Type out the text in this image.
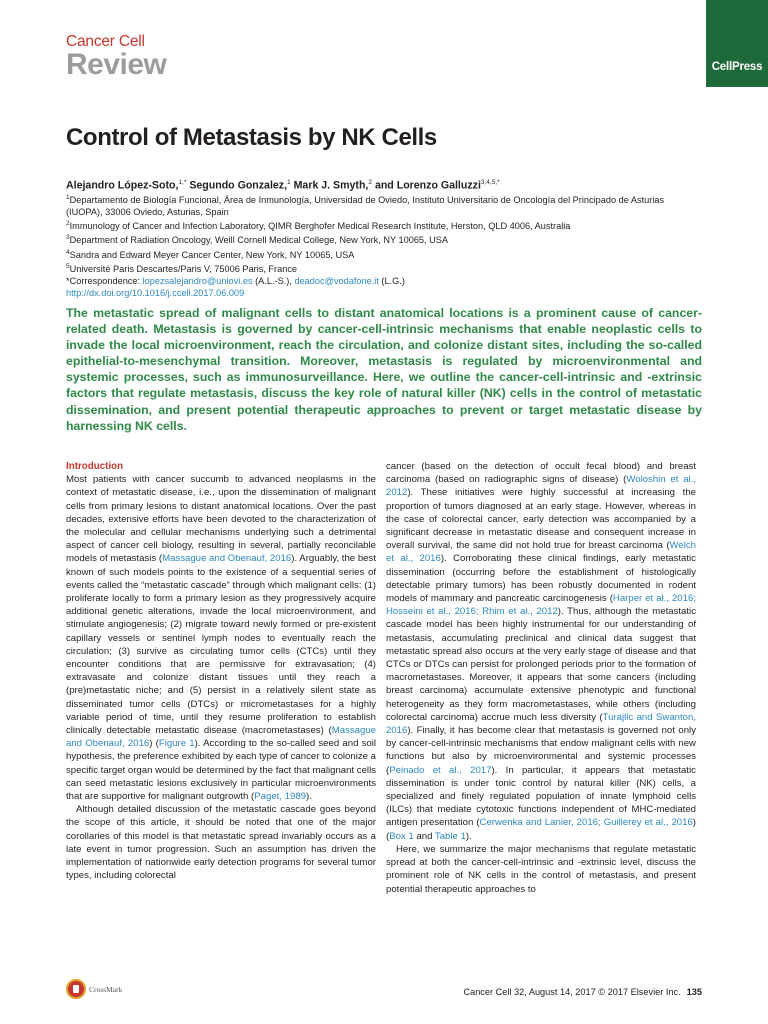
CellPress
Cancer Cell
Review
Control of Metastasis by NK Cells

Alejandro López-Soto,$^{1,*}$ Segundo Gonzalez,$^1$ Mark J. Smyth,$^2$ and Lorenzo Galluzzi$^{3,4,5,*}$

$^1$Departamento de Biología Funcional, Área de Inmunología, Universidad de Oviedo, Instituto Universitario de Oncología del Principado de Asturias (IUOPA), 33006 Oviedo, Asturias, Spain
$^2$Immunology of Cancer and Infection Laboratory, QIMR Berghofer Medical Research Institute, Herston, QLD 4006, Australia
$^3$Department of Radiation Oncology, Weill Cornell Medical College, New York, NY 10065, USA
$^4$Sandra and Edward Meyer Cancer Center, New York, NY 10065, USA
$^5$Université Paris Descartes/Paris V, 75006 Paris, France
*Correspondence: lopezsalejandro@uniovi.es (A.L.-S.), deadoc@vodafone.it (L.G.)
http://dx.doi.org/10.1016/j.ccell.2017.06.009

The metastatic spread of malignant cells to distant anatomical locations is a prominent cause of cancer-related death. Metastasis is governed by cancer-cell-intrinsic mechanisms that enable neoplastic cells to invade the local microenvironment, reach the circulation, and colonize distant sites, including the so-called epithelial-to-mesenchymal transition. Moreover, metastasis is regulated by microenvironmental and systemic processes, such as immunosurveillance. Here, we outline the cancer-cell-intrinsic and -extrinsic factors that regulate metastasis, discuss the key role of natural killer (NK) cells in the control of metastatic dissemination, and present potential therapeutic approaches to prevent or target metastatic disease by harnessing NK cells.

Introduction

Most patients with cancer succumb to advanced neoplasms in the context of metastatic disease, i.e., upon the dissemination of malignant cells from primary lesions to distant anatomical locations. Over the past decades, extensive efforts have been devoted to the characterization of the molecular and cellular mechanisms underlying such a detrimental aspect of cancer cell biology, resulting in several, partially reconcilable models of metastasis (Massague and Obenauf, 2016). Arguably, the best known of such models points to the existence of a sequential series of events called the “metastatic cascade” through which malignant cells: (1) proliferate locally to form a primary lesion as they progressively acquire additional genetic alterations, invade the local microenvironment, and stimulate angiogenesis; (2) migrate toward newly formed or pre-existent capillary vessels or sentinel lymph nodes to eventually reach the circulation; (3) survive as circulating tumor cells (CTCs) until they encounter conditions that are permissive for extravasation; (4) extravasate and colonize distant tissues until they reach a (pre)metastatic niche; and (5) persist in a relatively silent state as disseminated tumor cells (DTCs) or micrometastases for a highly variable period of time, until they resume proliferation to establish clinically detectable metastatic disease (macrometastases) (Massague and Obenauf, 2016) (Figure 1). According to the so-called seed and soil hypothesis, the preference exhibited by each type of cancer to colonize a specific target organ would be determined by the fact that malignant cells can seed metastatic lesions exclusively in particular microenvironments that are supportive for malignant outgrowth (Paget, 1989).

Although detailed discussion of the metastatic cascade goes beyond the scope of this article, it should be noted that one of the major corollaries of this model is that metastatic spread invariably occurs as a late event in tumor progression. Such an assumption has driven the implementation of nationwide early detection programs for several tumor types, including colorectal

cancer (based on the detection of occult fecal blood) and breast carcinoma (based on radiographic signs of disease) (Woloshin et al., 2012). These initiatives were highly successful at increasing the proportion of tumors diagnosed at an early stage. However, whereas in the case of colorectal cancer, early detection was accompanied by a significant decrease in metastatic disease and consequent increase in overall survival, the same did not hold true for breast carcinoma (Welch et al., 2016). Corroborating these clinical findings, early metastatic dissemination (occurring before the establishment of histologically detectable primary tumors) has been robustly documented in rodent models of mammary and pancreatic carcinogenesis (Harper et al., 2016; Hosseini et al., 2016; Rhim et al., 2012). Thus, although the metastatic cascade model has been highly instrumental for our understanding of metastasis, accumulating preclinical and clinical data suggest that metastatic spread also occurs at the very early stage of disease and that CTCs or DTCs can persist for prolonged periods prior to the formation of macrometastases. Moreover, it appears that some cancers (including breast carcinoma) accumulate extensive phenotypic and functional heterogeneity as they form macrometastases, while others (including colorectal carcinoma) accrue much less diversity (Turajlic and Swanton, 2016). Finally, it has become clear that metastasis is governed not only by cancer-cell-intrinsic mechanisms that endow malignant cells with new functions but also by microenvironmental and systemic processes (Peinado et al., 2017). In particular, it appears that metastatic dissemination is under tonic control by natural killer (NK) cells, a specialized and finely regulated population of innate lymphoid cells (ILCs) that mediate cytotoxic functions independent of MHC-mediated antigen presentation (Cerwenka and Lanier, 2016; Guillerey et al., 2016) (Box 1 and Table 1).

Here, we summarize the major mechanisms that regulate metastatic spread at both the cancer-cell-intrinsic and -extrinsic level, discuss the prominent role of NK cells in the control of metastasis, and present potential therapeutic approaches to

CrossMark	Cancer Cell 32, August 14, 2017 © 2017 Elsevier Inc. 135
